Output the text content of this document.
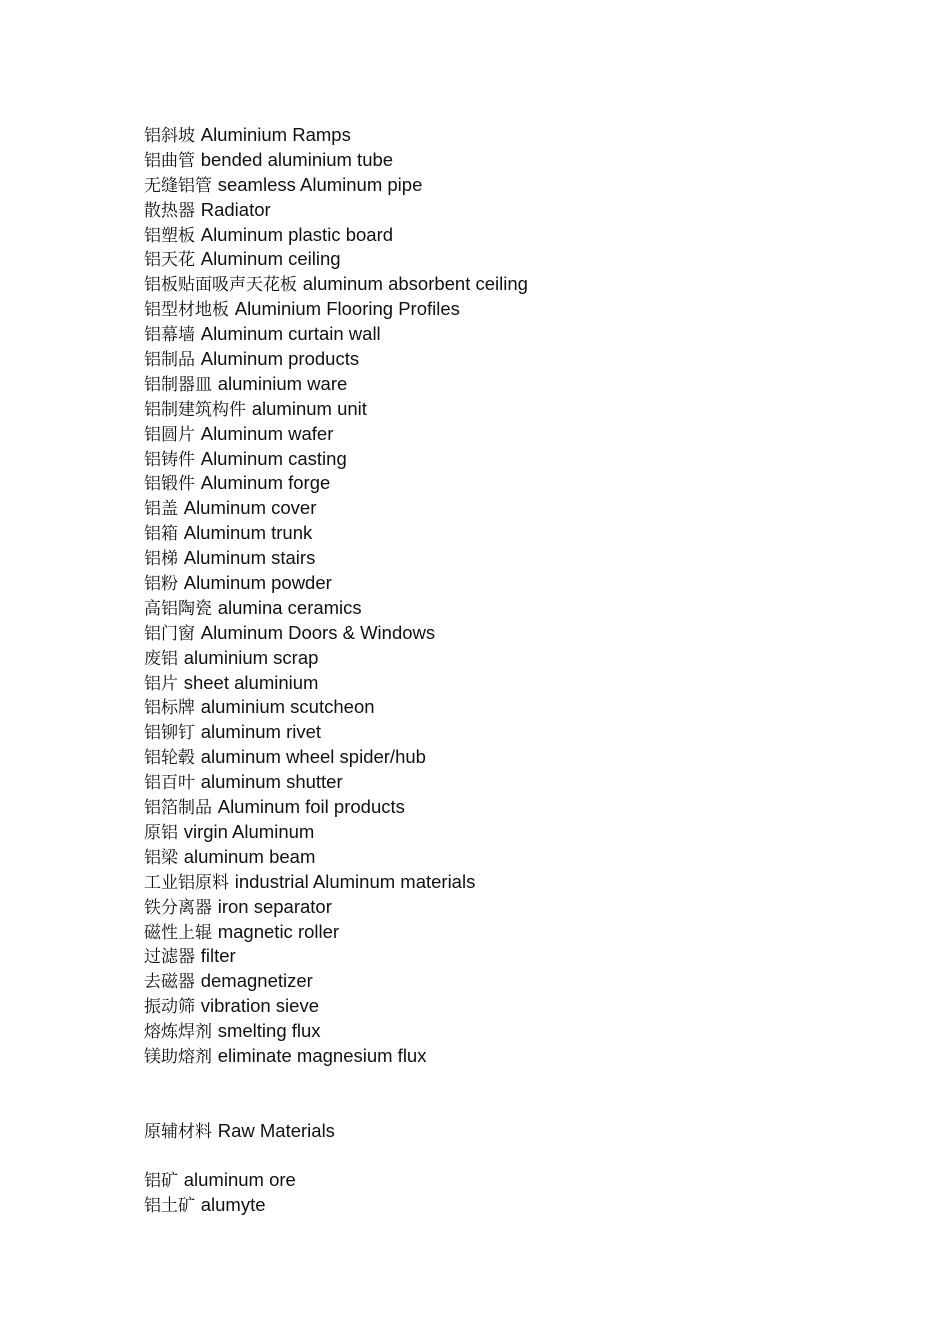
铝斜坡 Aluminium Ramps
铝曲管 bended aluminium tube
无缝铝管 seamless Aluminum pipe
散热器 Radiator
铝塑板 Aluminum plastic board
铝天花 Aluminum ceiling
铝板贴面吸声天花板 aluminum absorbent ceiling
铝型材地板 Aluminium Flooring Profiles
铝幕墙 Aluminum curtain wall
铝制品 Aluminum products
铝制器皿 aluminium ware
铝制建筑构件 aluminum unit
铝圆片 Aluminum wafer
铝铸件 Aluminum casting
铝锻件 Aluminum forge
铝盖 Aluminum cover
铝箱 Aluminum trunk
铝梯 Aluminum stairs
铝粉 Aluminum powder
高铝陶瓷 alumina ceramics
铝门窗 Aluminum Doors & Windows
废铝 aluminium scrap
铝片 sheet aluminium
铝标牌 aluminium scutcheon
铝铆钉 aluminum rivet
铝轮毂 aluminum wheel spider/hub
铝百叶 aluminum shutter
铝箔制品 Aluminum foil products
原铝 virgin Aluminum
铝梁 aluminum beam
工业铝原料 industrial Aluminum materials
铁分离器 iron separator
磁性上辊 magnetic roller
过滤器 filter
去磁器 demagnetizer
振动筛 vibration sieve
熔炼焊剂 smelting flux
镁助熔剂 eliminate magnesium flux
原辅材料 Raw Materials
铝矿 aluminum ore
铝土矿 alumyte
